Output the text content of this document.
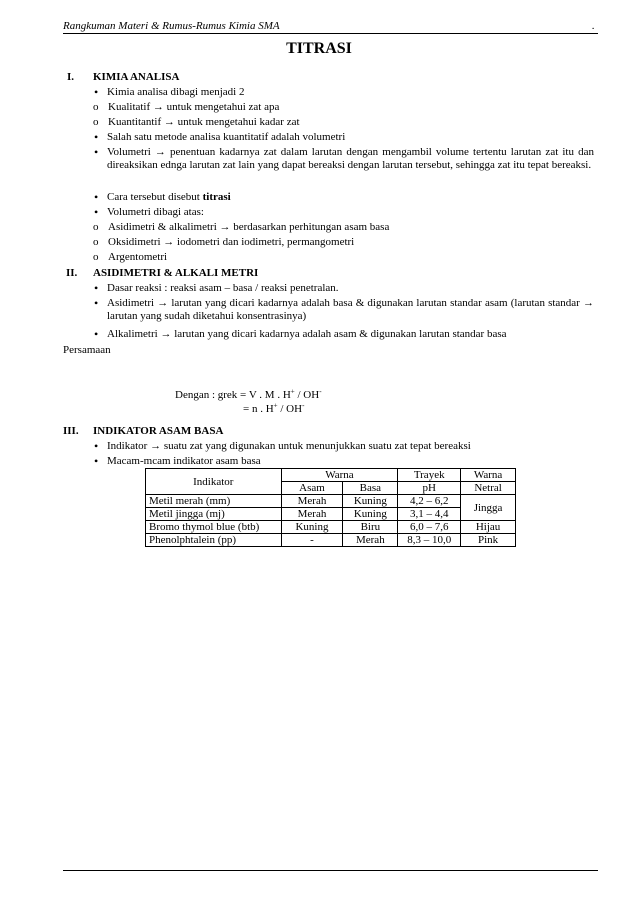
Rangkuman Materi & Rumus-Rumus Kimia SMA	.
TITRASI
I. KIMIA ANALISA
• Kimia analisa dibagi menjadi 2
o Kualitatif → untuk mengetahui zat apa
o Kuantitantif → untuk mengetahui kadar zat
• Salah satu metode analisa kuantitatif adalah volumetri
• Volumetri → penentuan kadarnya zat dalam larutan dengan mengambil volume tertentu larutan zat itu dan direaksikan ednga larutan zat lain yang dapat bereaksi dengan larutan tersebut, sehingga zat itu tepat bereaksi.
• Cara tersebut disebut titrasi
• Volumetri dibagi atas:
o Asidimetri & alkalimetri → berdasarkan perhitungan asam basa
o Oksidimetri → iodometri dan iodimetri, permangometri
o Argentometri
II. ASIDIMETRI & ALKALI METRI
• Dasar reaksi : reaksi asam – basa / reaksi penetralan.
• Asidimetri → larutan yang dicari kadarnya adalah basa & digunakan larutan standar asam (larutan standar → larutan yang sudah diketahui konsentrasinya)
• Alkalimetri → larutan yang dicari kadarnya adalah asam & digunakan larutan standar basa
Persamaan
Dengan : grek = V . M . H+ / OH-
= n . H+ / OH-
III. INDIKATOR ASAM BASA
• Indikator → suatu zat yang digunakan untuk menunjukkan suatu zat tepat bereaksi
• Macam-mcam indikator asam basa
Indikator	Warna		Trayek	Warna
	Asam	Basa	pH	Netral
Metil merah (mm)	Merah	Kuning	4,2 – 6,2	Jingga
Metil jingga (mj)	Merah	Kuning	3,1 – 4,4	
Bromo thymol blue (btb)	Kuning	Biru	6,0 – 7,6	Hijau
Phenolphtalein (pp)	-	Merah	8,3 – 10,0	Pink
